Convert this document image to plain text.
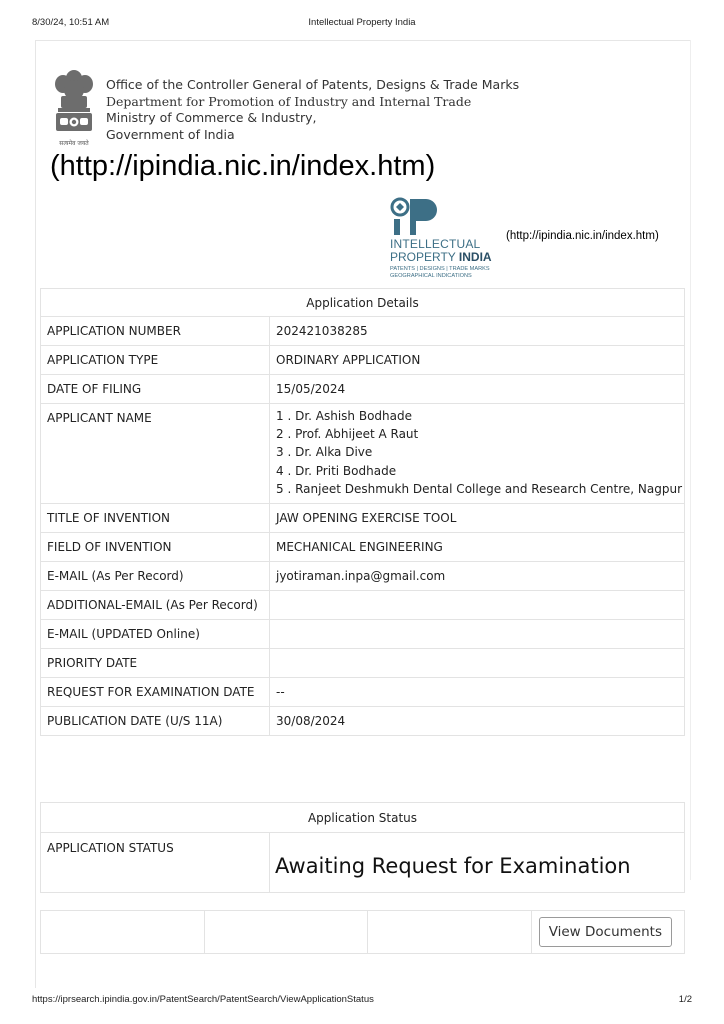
8/30/24, 10:51 AM	Intellectual Property India
सत्यमेव जयते
Office of the Controller General of Patents, Designs & Trade Marks
Department for Promotion of Industry and Internal Trade
Ministry of Commerce & Industry,
Government of India
(http://ipindia.nic.in/index.htm)
INTELLECTUAL
PROPERTY INDIA
PATENTS | DESIGNS | TRADE MARKS
GEOGRAPHICAL INDICATIONS
(http://ipindia.nic.in/index.htm)
Application Details	
APPLICATION NUMBER	202421038285
APPLICATION TYPE	ORDINARY APPLICATION
DATE OF FILING	15/05/2024
APPLICANT NAME	1 . Dr. Ashish Bodhade
2 . Prof. Abhijeet A Raut
3 . Dr. Alka Dive
4 . Dr. Priti Bodhade
5 . Ranjeet Deshmukh Dental College and Research Centre, Nagpur

TITLE OF INVENTION	JAW OPENING EXERCISE TOOL
FIELD OF INVENTION	MECHANICAL ENGINEERING
E-MAIL (As Per Record)	jyotiraman.inpa@gmail.com
ADDITIONAL-EMAIL (As Per Record)	
E-MAIL (UPDATED Online)	
PRIORITY DATE	
REQUEST FOR EXAMINATION DATE	--
PUBLICATION DATE (U/S 11A)	30/08/2024
Application Status
APPLICATION STATUS	
Awaiting Request for Examination

View Documents
https://iprsearch.ipindia.gov.in/PatentSearch/PatentSearch/ViewApplicationStatus	1/2
